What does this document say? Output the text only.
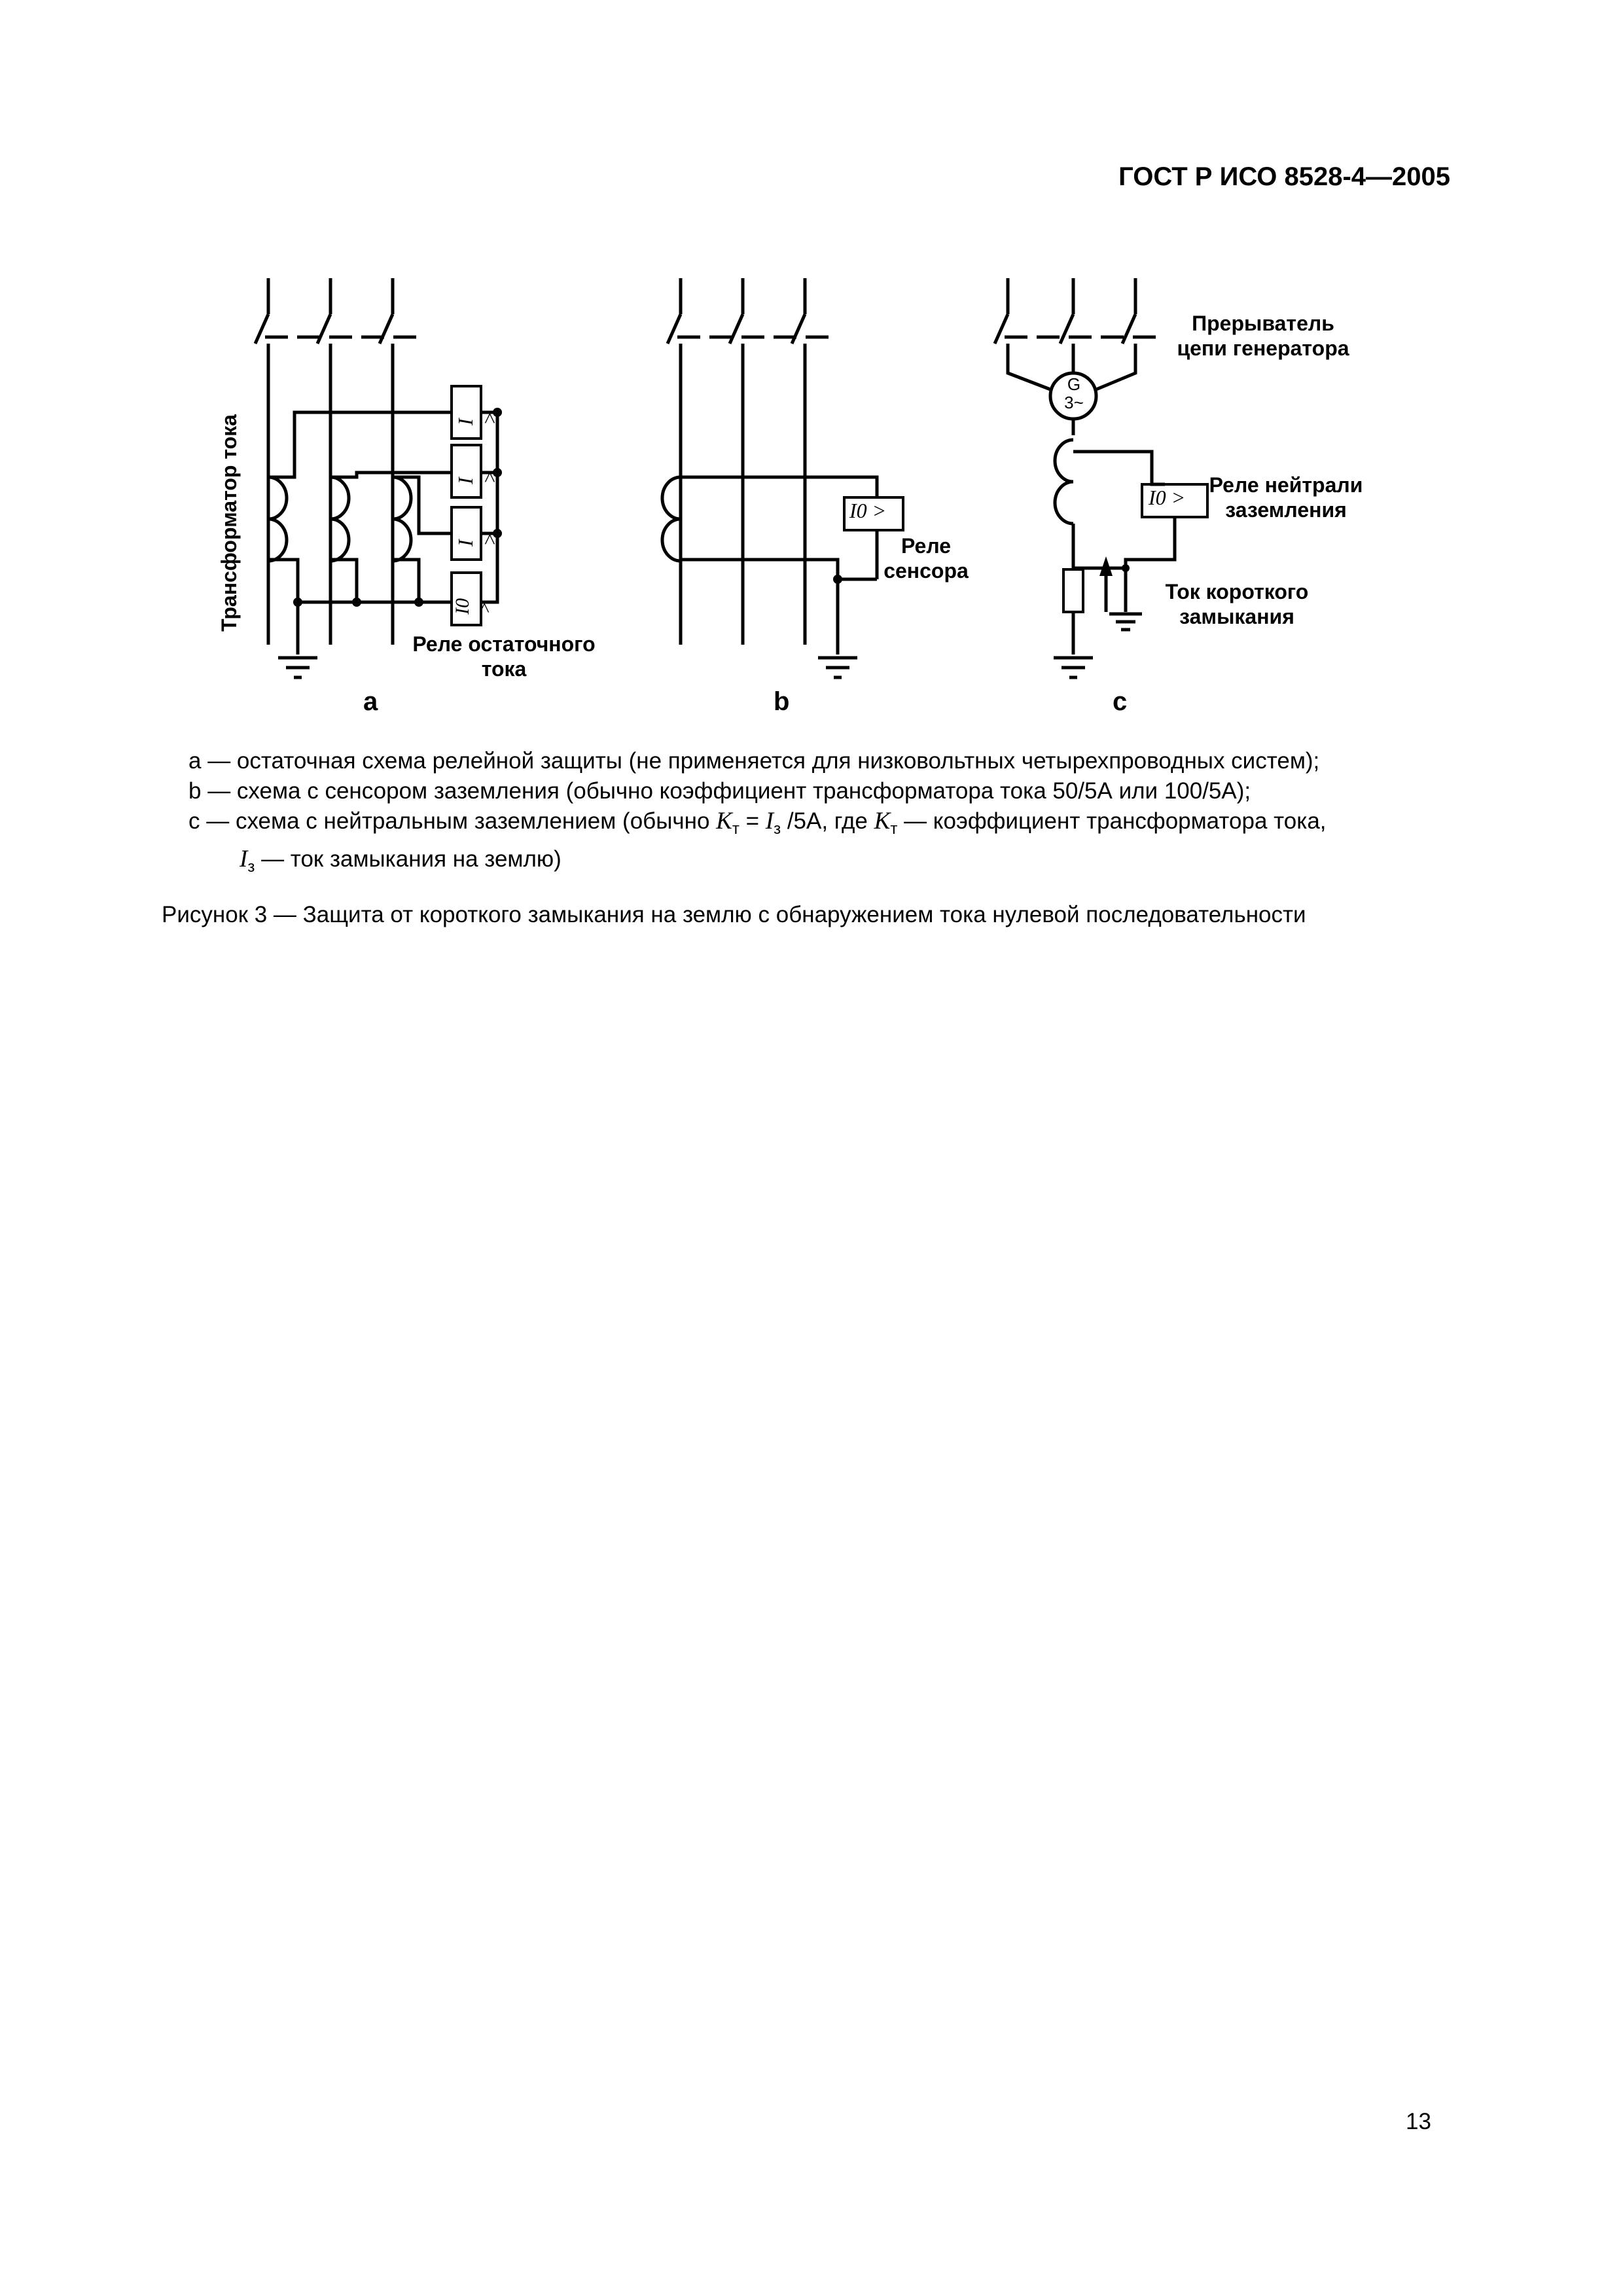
ГОСТ Р ИСО 8528-4—2005
I >
I >
I >
I0 >
I0 >
I0 >
G 3~
Трансформатор тока
Реле остаточного тока
a
Реле сенсора
b
Прерыватель цепи генератора
Реле нейтрали заземления
Ток короткого замыкания
c
a — остаточная схема релейной защиты (не применяется для низковольтных четырехпроводных систем);
b — схема с сенсором заземления (обычно коэффициент трансформатора тока 50/5А или 100/5А);
c — схема с нейтральным заземлением (обычно $K_т = I_з$ /5А, где $K_т$ — коэффициент трансформатора тока,
$I_з$ — ток замыкания на землю)
Рисунок 3 — Защита от короткого замыкания на землю с обнаружением тока нулевой последовательности
13
